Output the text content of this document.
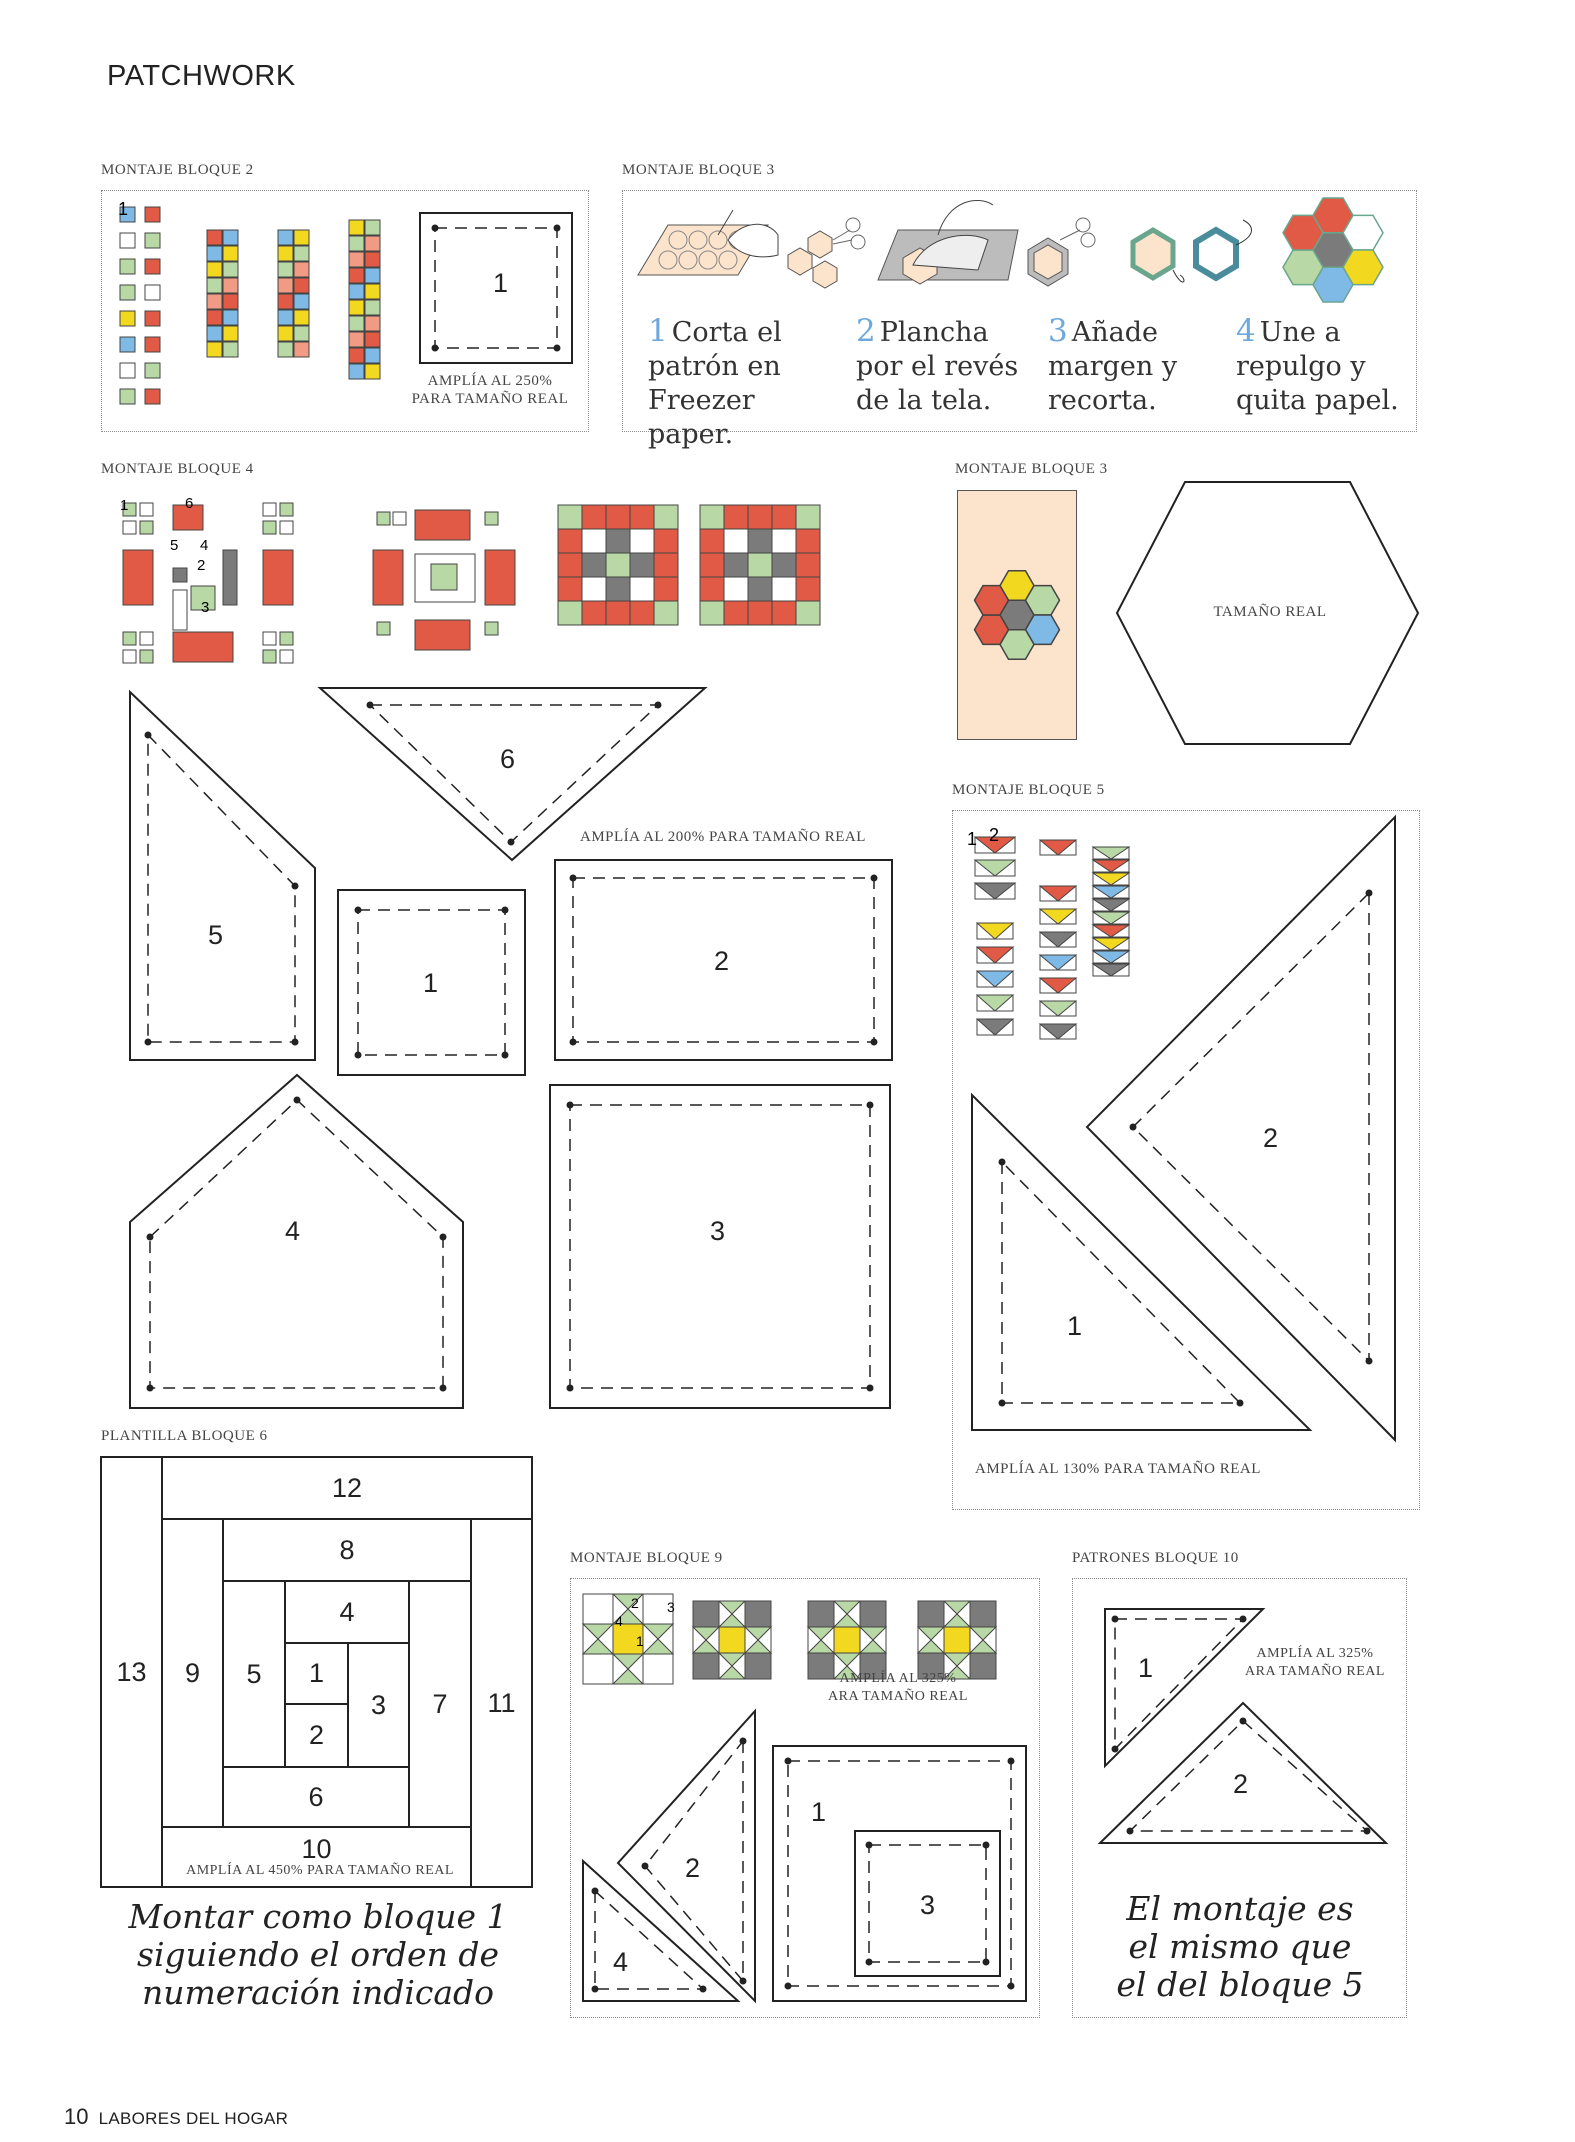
PATCHWORK
MONTAJE BLOQUE 2
1
1
AMPLÍA AL 250%
PARA TAMAÑO REAL
MONTAJE BLOQUE 3
1 Corta el
patrón en
Freezer paper.
2 Plancha
por el revés
de la tela.
3 Añade
margen y
recorta.
4 Une a
repulgo y
quita papel.
MONTAJE BLOQUE 4
1	6
5 4
2
3
5
6
1
2
4	3
AMPLÍA AL 200% PARA TAMAÑO REAL
MONTAJE BLOQUE 3
TAMAÑO REAL
MONTAJE BLOQUE 5
1 2
2
1
AMPLÍA AL 130% PARA TAMAÑO REAL
PLANTILLA BLOQUE 6
13
12
9
11
10
8
5
7
6
4
3
1
2
AMPLÍA AL 450% PARA TAMAÑO REAL
Montar como bloque 1
siguiendo el orden de
numeración indicado
MONTAJE BLOQUE 9
2 3
4
1
1
3
2
4
AMPLÍA AL 325%
ARA TAMAÑO REAL
PATRONES BLOQUE 10
1
2
AMPLÍA AL 325%
ARA TAMAÑO REAL
El montaje es
el mismo que
el del bloque 5
10 LABORES DEL HOGAR
